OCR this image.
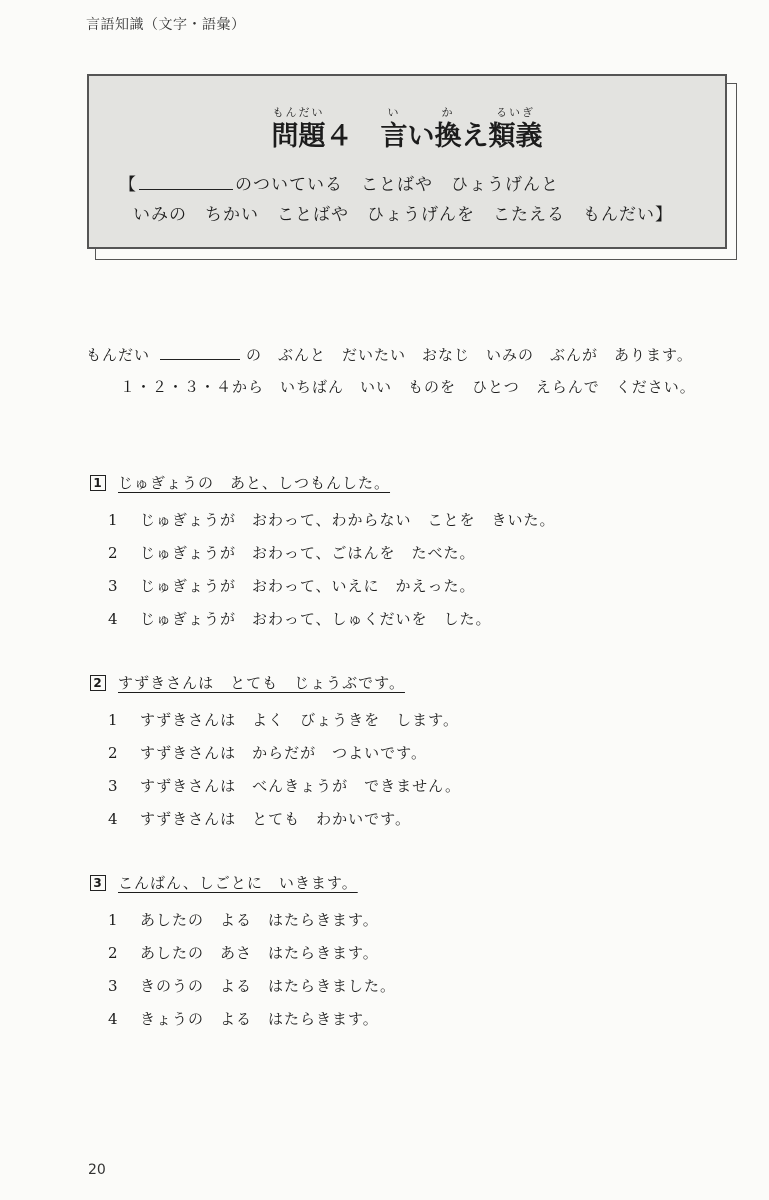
言語知識（文字・語彙）
もんだい
問題 ４
い
言 い
か
換 え
るいぎ
類義
【	のついている　ことばや　ひょうげんと
いみの　ちかい　ことばや　ひょうげんを　こたえる　もんだい】
もんだい	の　ぶんと　だいたい　おなじ　いみの　ぶんが　あります。
１・２・３・４から　いちばん　いい　ものを　ひとつ　えらんで　ください。
1 じゅぎょうの　あと、しつもんした。
1	じゅぎょうが　おわって、わからない　ことを　きいた。
2	じゅぎょうが　おわって、ごはんを　たべた。
3	じゅぎょうが　おわって、いえに　かえった。
4	じゅぎょうが　おわって、しゅくだいを　した。
2 すずきさんは　とても　じょうぶです。
1	すずきさんは　よく　びょうきを　します。
2	すずきさんは　からだが　つよいです。
3	すずきさんは　べんきょうが　できません。
4	すずきさんは　とても　わかいです。
3 こんばん、しごとに　いきます。
1	あしたの　よる　はたらきます。
2	あしたの　あさ　はたらきます。
3	きのうの　よる　はたらきました。
4	きょうの　よる　はたらきます。
20
